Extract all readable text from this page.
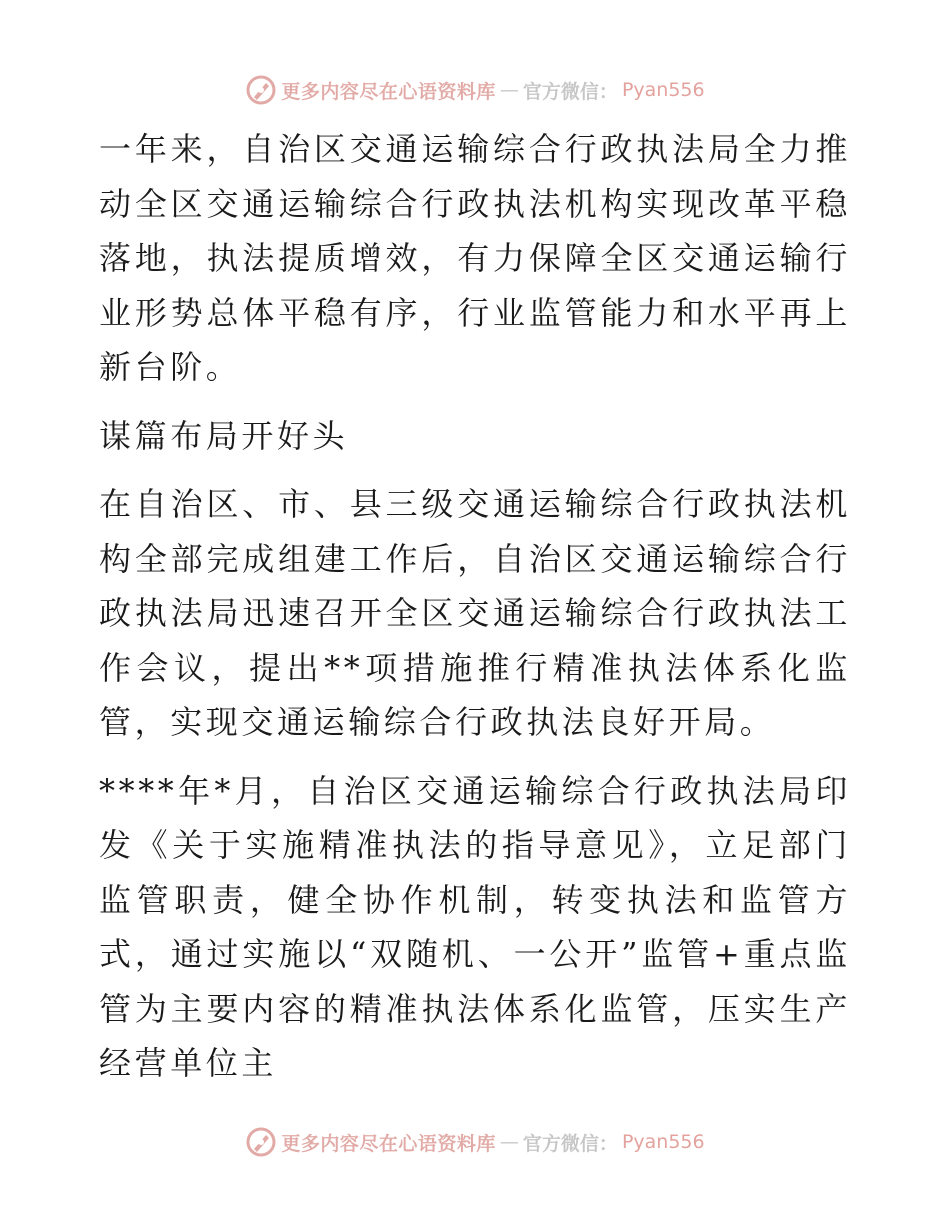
更多内容尽在心语资料库 — 官方微信： Pyan556

一年来，自治区交通运输综合行政执法局全力推动全区交通运输综合行政执法机构实现改革平稳落地，执法提质增效，有力保障全区交通运输行业形势总体平稳有序，行业监管能力和水平再上新台阶。

谋篇布局开好头

在自治区、市、县三级交通运输综合行政执法机构全部完成组建工作后，自治区交通运输综合行政执法局迅速召开全区交通运输综合行政执法工作会议，提出**项措施推行精准执法体系化监管，实现交通运输综合行政执法良好开局。

****年*月，自治区交通运输综合行政执法局印发《关于实施精准执法的指导意见》，立足部门监管职责，健全协作机制，转变执法和监管方式，通过实施以“双随机、一公开”监管+重点监管为主要内容的精准执法体系化监管，压实生产经营单位主

更多内容尽在心语资料库 — 官方微信： Pyan556
